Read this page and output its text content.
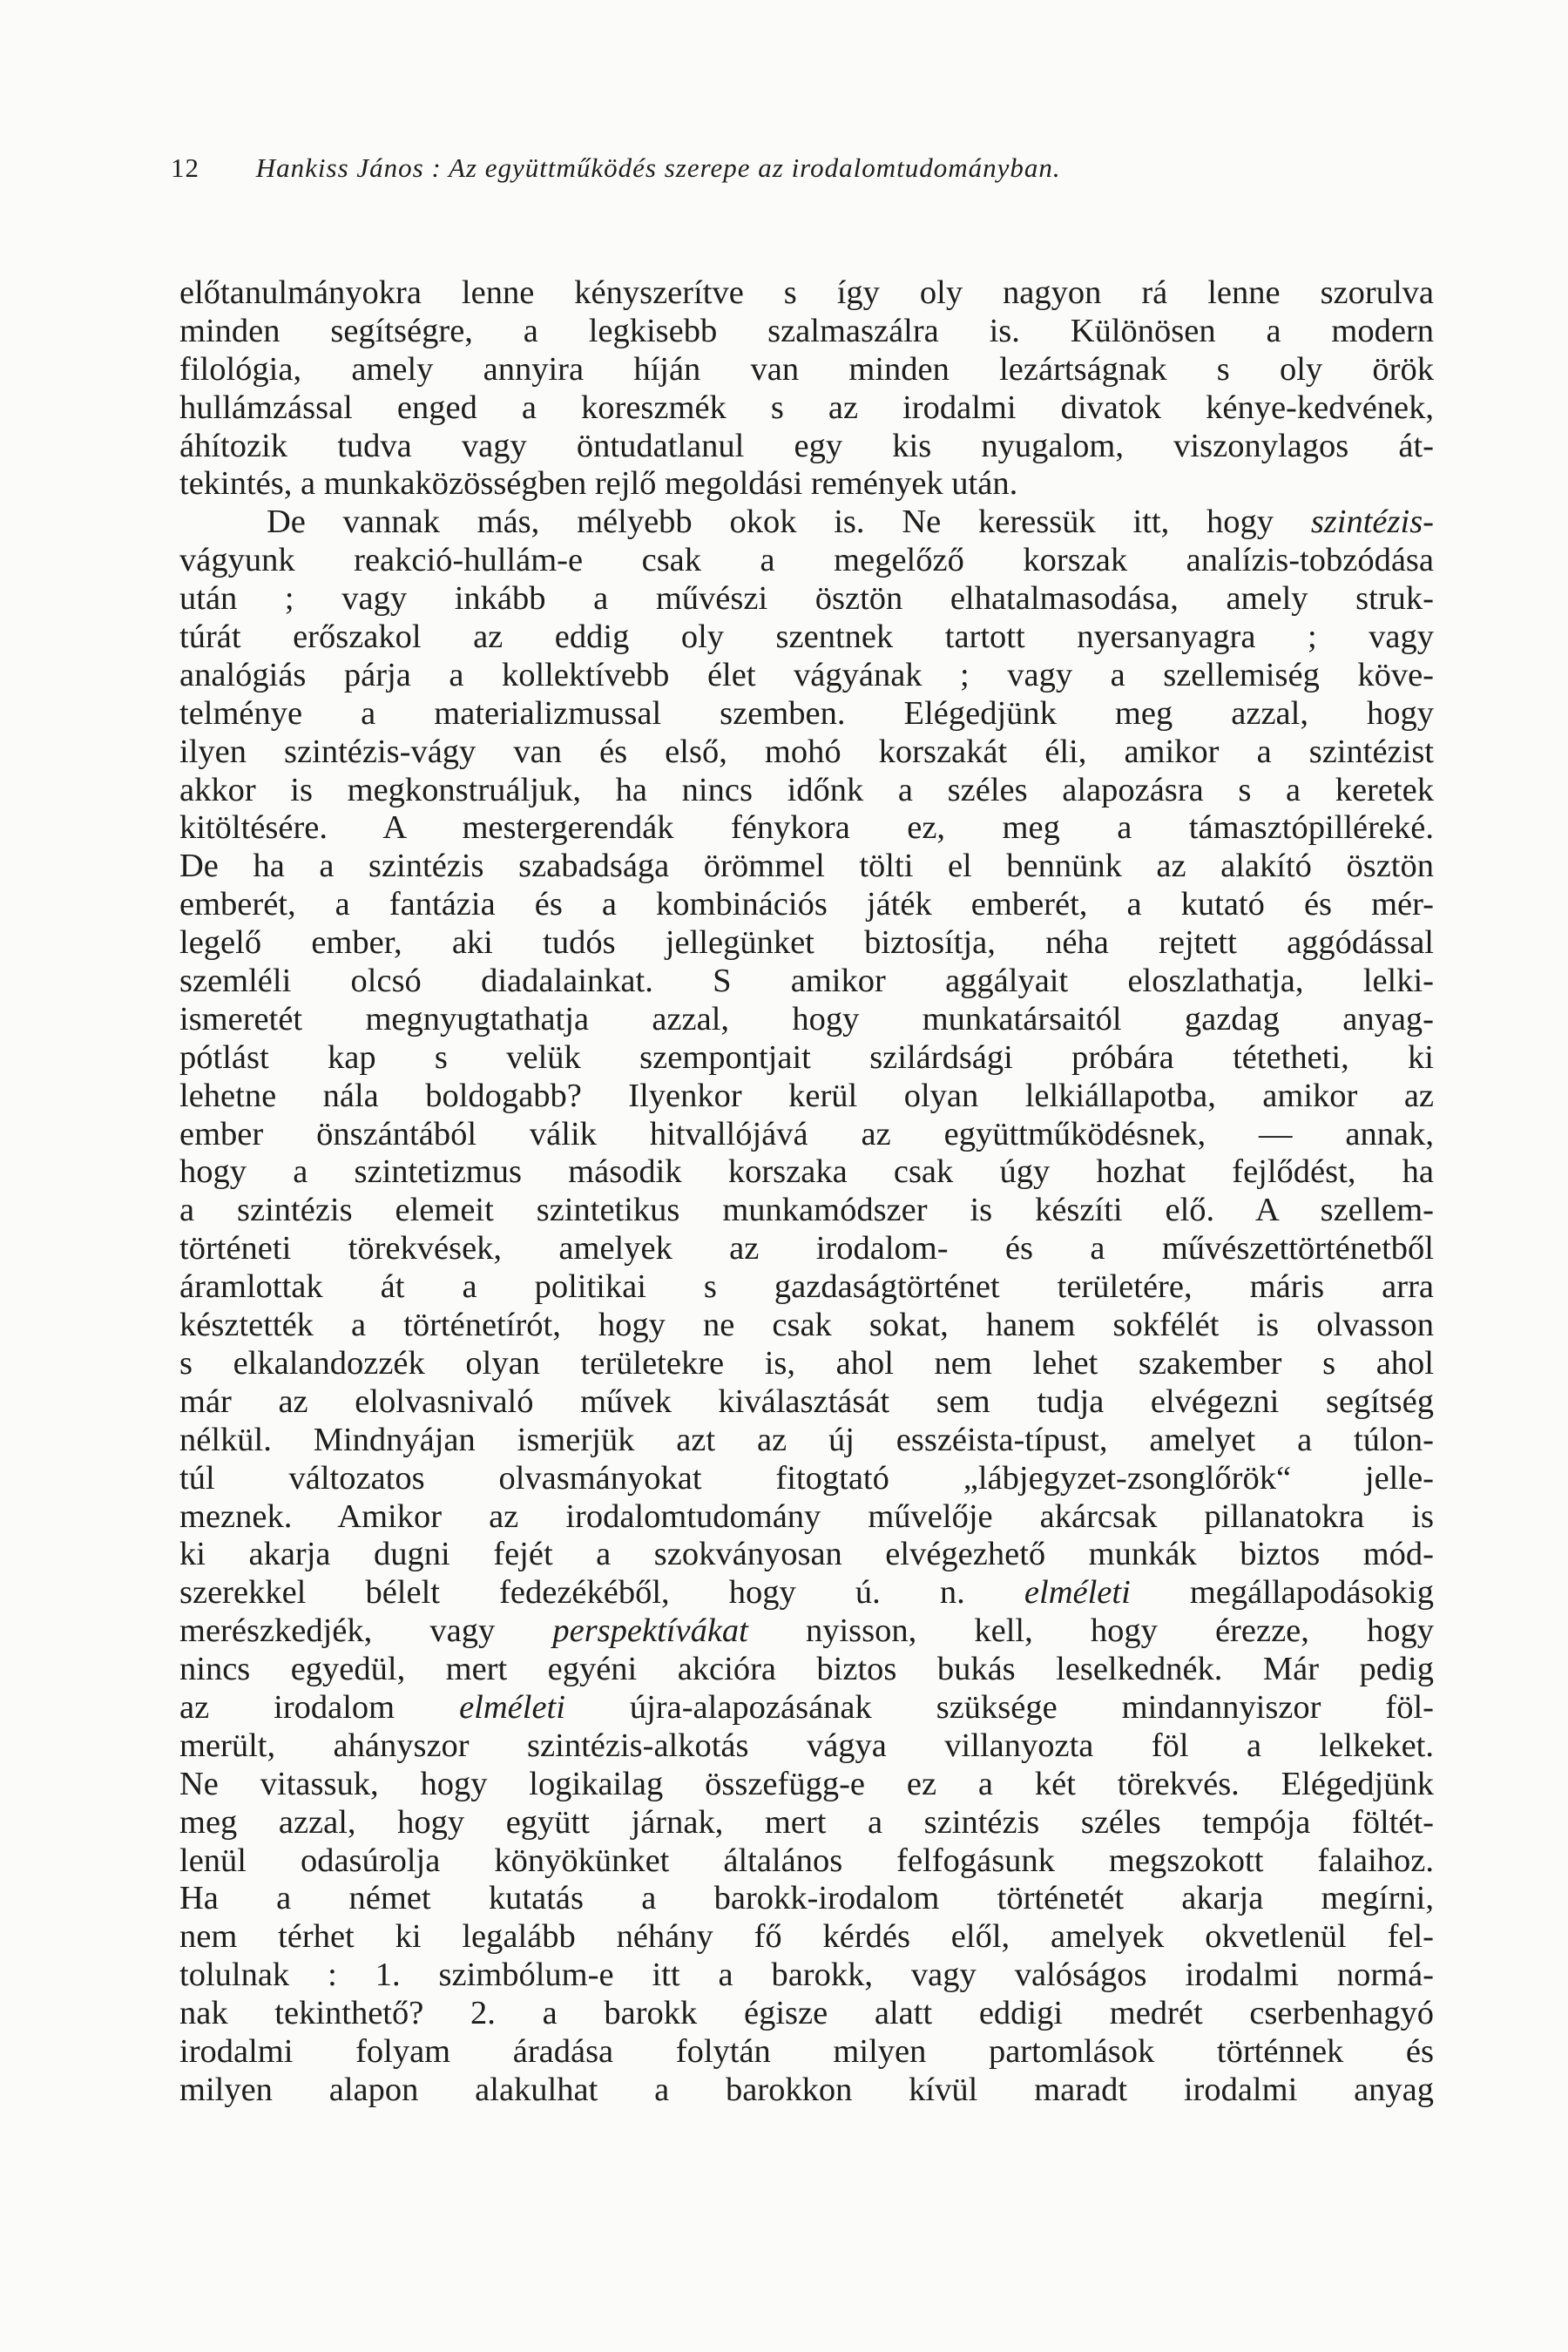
12 Hankiss János : Az együttműködés szerepe az irodalomtudományban.
előtanulmányokra lenne kényszerítve s így oly nagyon rá lenne szorulva
minden segítségre, a legkisebb szalmaszálra is. Különösen a modern
filológia, amely annyira híján van minden lezártságnak s oly örök
hullámzással enged a koreszmék s az irodalmi divatok kénye-kedvének,
áhítozik tudva vagy öntudatlanul egy kis nyugalom, viszonylagos át-
tekintés, a munkaközösségben rejlő megoldási remények után.
De vannak más, mélyebb okok is. Ne keressük itt, hogy szintézis-
vágyunk reakció-hullám-e csak a megelőző korszak analízis-tobzódása
után ; vagy inkább a művészi ösztön elhatalmasodása, amely struk-
túrát erőszakol az eddig oly szentnek tartott nyersanyagra ; vagy
analógiás párja a kollektívebb élet vágyának ; vagy a szellemiség köve-
telménye a materializmussal szemben. Elégedjünk meg azzal, hogy
ilyen szintézis-vágy van és első, mohó korszakát éli, amikor a szintézist
akkor is megkonstruáljuk, ha nincs időnk a széles alapozásra s a keretek
kitöltésére. A mestergerendák fénykora ez, meg a támasztópilléreké.
De ha a szintézis szabadsága örömmel tölti el bennünk az alakító ösztön
emberét, a fantázia és a kombinációs játék emberét, a kutató és mér-
legelő ember, aki tudós jellegünket biztosítja, néha rejtett aggódással
szemléli olcsó diadalainkat. S amikor aggályait eloszlathatja, lelki-
ismeretét megnyugtathatja azzal, hogy munkatársaitól gazdag anyag-
pótlást kap s velük szempontjait szilárdsági próbára tétetheti, ki
lehetne nála boldogabb? Ilyenkor kerül olyan lelkiállapotba, amikor az
ember önszántából válik hitvallójává az együttműködésnek, — annak,
hogy a szintetizmus második korszaka csak úgy hozhat fejlődést, ha
a szintézis elemeit szintetikus munkamódszer is készíti elő. A szellem-
történeti törekvések, amelyek az irodalom- és a művészettörténetből
áramlottak át a politikai s gazdaságtörténet területére, máris arra
késztették a történetírót, hogy ne csak sokat, hanem sokfélét is olvasson
s elkalandozzék olyan területekre is, ahol nem lehet szakember s ahol
már az elolvasnivaló művek kiválasztását sem tudja elvégezni segítség
nélkül. Mindnyájan ismerjük azt az új esszéista-típust, amelyet a túlon-
túl változatos olvasmányokat fitogtató „lábjegyzet-zsonglőrök“ jelle-
meznek. Amikor az irodalomtudomány művelője akárcsak pillanatokra is
ki akarja dugni fejét a szokványosan elvégezhető munkák biztos mód-
szerekkel bélelt fedezékéből, hogy ú. n. elméleti megállapodásokig
merészkedjék, vagy perspektívákat nyisson, kell, hogy érezze, hogy
nincs egyedül, mert egyéni akcióra biztos bukás leselkednék. Már pedig
az irodalom elméleti újra-alapozásának szüksége mindannyiszor föl-
merült, ahányszor szintézis-alkotás vágya villanyozta föl a lelkeket.
Ne vitassuk, hogy logikailag összefügg-e ez a két törekvés. Elégedjünk
meg azzal, hogy együtt járnak, mert a szintézis széles tempója föltét-
lenül odasúrolja könyökünket általános felfogásunk megszokott falaihoz.
Ha a német kutatás a barokk-irodalom történetét akarja megírni,
nem térhet ki legalább néhány fő kérdés elől, amelyek okvetlenül fel-
tolulnak : 1. szimbólum-e itt a barokk, vagy valóságos irodalmi normá-
nak tekinthető? 2. a barokk égisze alatt eddigi medrét cserbenhagyó
irodalmi folyam áradása folytán milyen partomlások történnek és
milyen alapon alakulhat a barokkon kívül maradt irodalmi anyag
